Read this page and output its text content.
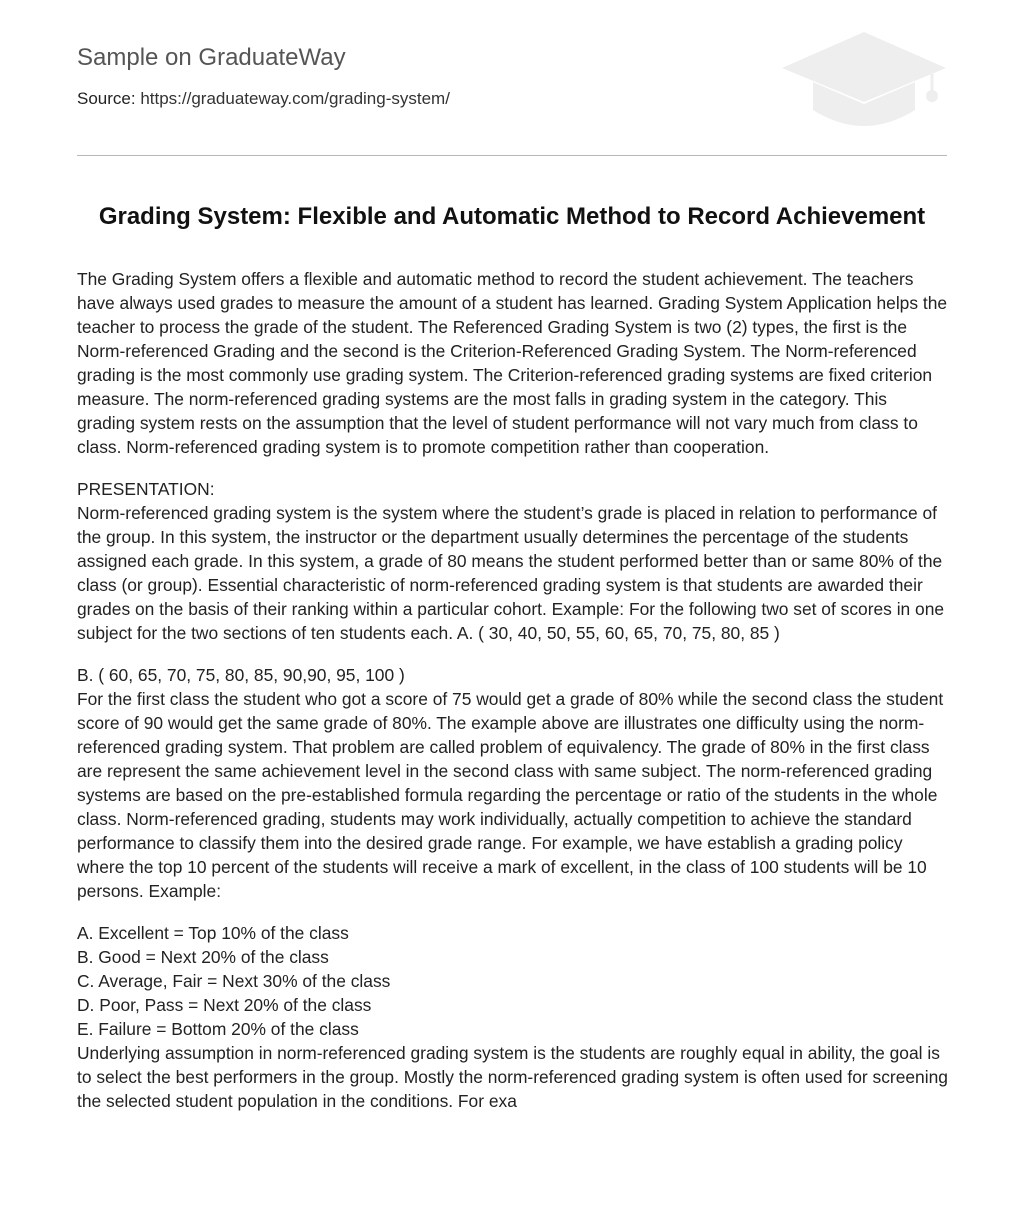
Sample on GraduateWay
Source: https://graduateway.com/grading-system/
Grading System: Flexible and Automatic Method to Record Achievement

The Grading System offers a flexible and automatic method to record the student achievement. The teachers have always used grades to measure the amount of a student has learned. Grading System Application helps the teacher to process the grade of the student. The Referenced Grading System is two (2) types, the first is the Norm-referenced Grading and the second is the Criterion-Referenced Grading System. The Norm-referenced grading is the most commonly use grading system. The Criterion-referenced grading systems are fixed criterion measure. The norm-referenced grading systems are the most falls in grading system in the category. This grading system rests on the assumption that the level of student performance will not vary much from class to class. Norm-referenced grading system is to promote competition rather than cooperation.

PRESENTATION:

Norm-referenced grading system is the system where the student’s grade is placed in relation to performance of the group. In this system, the instructor or the department usually determines the percentage of the students assigned each grade. In this system, a grade of 80 means the student performed better than or same 80% of the class (or group). Essential characteristic of norm-referenced grading system is that students are awarded their grades on the basis of their ranking within a particular cohort. Example: For the following two set of scores in one subject for the two sections of ten students each. A. ( 30, 40, 50, 55, 60, 65, 70, 75, 80, 85 )

B. ( 60, 65, 70, 75, 80, 85, 90,90, 95, 100 )

For the first class the student who got a score of 75 would get a grade of 80% while the second class the student score of 90 would get the same grade of 80%. The example above are illustrates one difficulty using the norm-referenced grading system. That problem are called problem of equivalency. The grade of 80% in the first class are represent the same achievement level in the second class with same subject. The norm-referenced grading systems are based on the pre-established formula regarding the percentage or ratio of the students in the whole class. Norm-referenced grading, students may work individually, actually competition to achieve the standard performance to classify them into the desired grade range. For example, we have establish a grading policy where the top 10 percent of the students will receive a mark of excellent, in the class of 100 students will be 10 persons. Example:

A. Excellent = Top 10% of the class
B. Good = Next 20% of the class
C. Average, Fair = Next 30% of the class
D. Poor, Pass = Next 20% of the class
E. Failure = Bottom 20% of the class

Underlying assumption in norm-referenced grading system is the students are roughly equal in ability, the goal is to select the best performers in the group. Mostly the norm-referenced grading system is often used for screening the selected student population in the conditions. For exa
